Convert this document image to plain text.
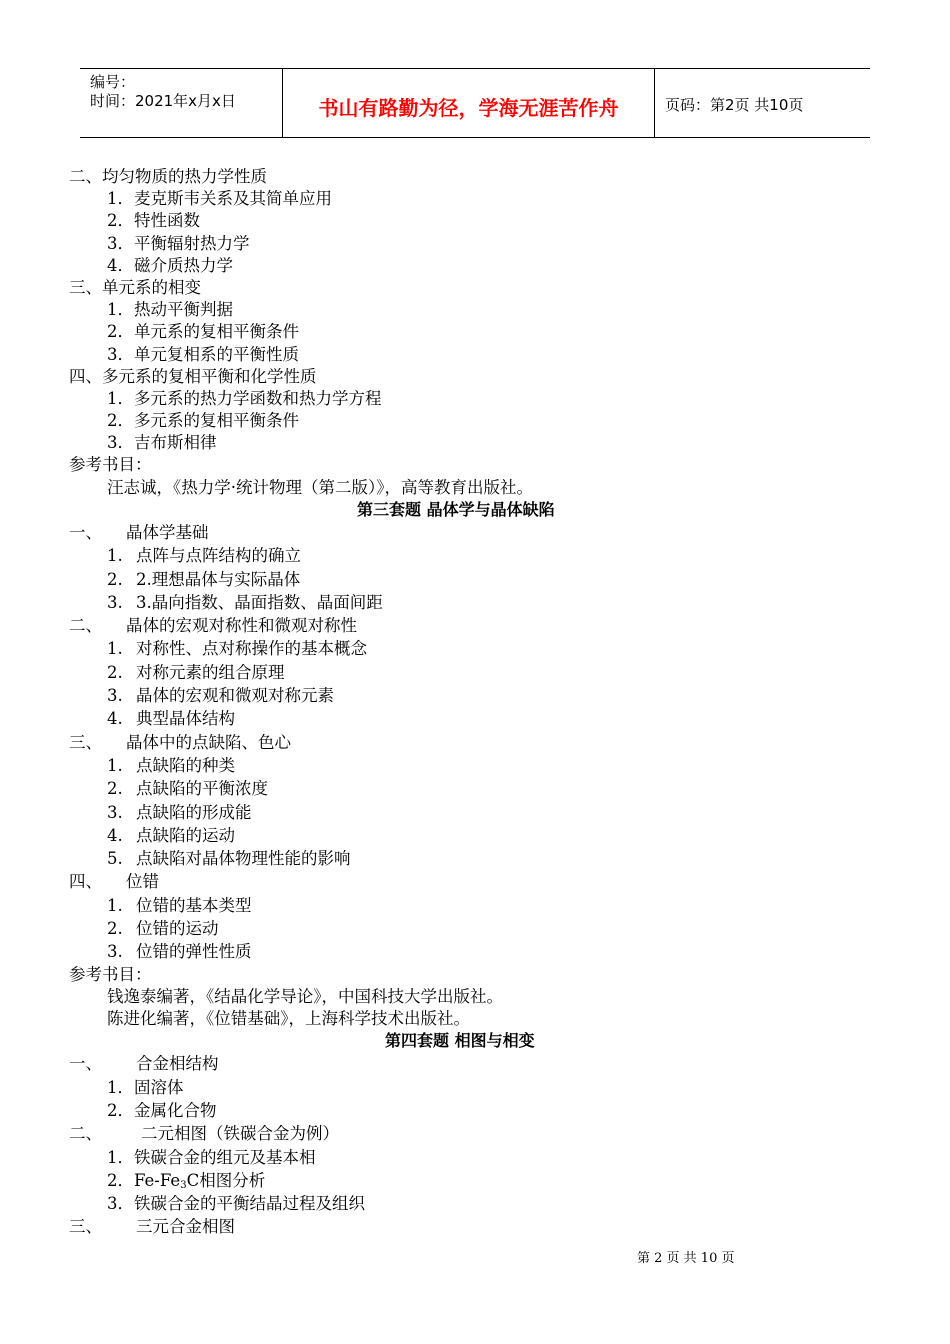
编号：
时间：2021年x月x日	书山有路勤为径，学海无涯苦作舟	页码：第2页 共10页
二、均匀物质的热力学性质
1．麦克斯韦关系及其简单应用
2．特性函数
3．平衡辐射热力学
4．磁介质热力学
三、单元系的相变
1．热动平衡判据
2．单元系的复相平衡条件
3．单元复相系的平衡性质
四、多元系的复相平衡和化学性质
1．多元系的热力学函数和热力学方程
2．多元系的复相平衡条件
3．吉布斯相律
参考书目：
汪志诚，《热力学·统计物理（第二版）》，高等教育出版社。
第三套题 晶体学与晶体缺陷
一、 晶体学基础
1. 点阵与点阵结构的确立
2. 2.理想晶体与实际晶体
3. 3.晶向指数、晶面指数、晶面间距
二、 晶体的宏观对称性和微观对称性
1. 对称性、点对称操作的基本概念
2. 对称元素的组合原理
3. 晶体的宏观和微观对称元素
4. 典型晶体结构
三、 晶体中的点缺陷、色心
1. 点缺陷的种类
2. 点缺陷的平衡浓度
3. 点缺陷的形成能
4. 点缺陷的运动
5. 点缺陷对晶体物理性能的影响
四、 位错
1. 位错的基本类型
2. 位错的运动
3. 位错的弹性性质
参考书目：
钱逸泰编著，《结晶化学导论》，中国科技大学出版社。
陈进化编著，《位错基础》，上海科学技术出版社。
第四套题 相图与相变
一、 合金相结构
1．固溶体
2．金属化合物
二、 二元相图（铁碳合金为例）
1．铁碳合金的组元及基本相
2．$Fe-Fe_3C$相图分析
3．铁碳合金的平衡结晶过程及组织
三、 三元合金相图
第 2 页 共 10 页
